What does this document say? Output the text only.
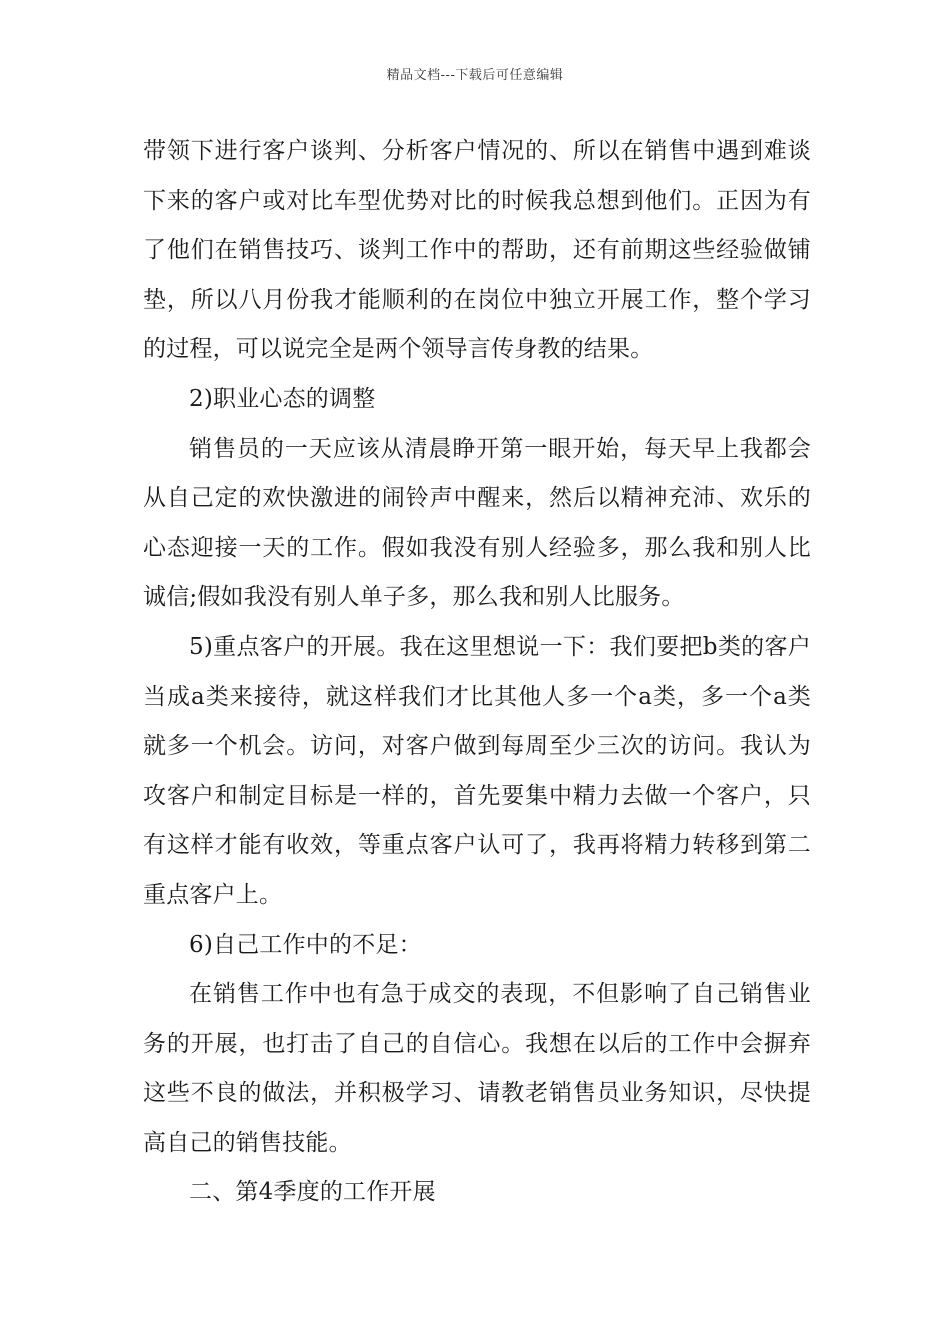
精品文档---下载后可任意编辑

带领下进行客户谈判、分析客户情况的、所以在销售中遇到难谈下来的客户或对比车型优势对比的时候我总想到他们。正因为有了他们在销售技巧、谈判工作中的帮助，还有前期这些经验做铺垫，所以八月份我才能顺利的在岗位中独立开展工作，整个学习的过程，可以说完全是两个领导言传身教的结果。

2)职业心态的调整

销售员的一天应该从清晨睁开第一眼开始，每天早上我都会从自己定的欢快激进的闹铃声中醒来，然后以精神充沛、欢乐的心态迎接一天的工作。假如我没有别人经验多，那么我和别人比诚信;假如我没有别人单子多，那么我和别人比服务。

5)重点客户的开展。我在这里想说一下：我们要把b类的客户当成a类来接待，就这样我们才比其他人多一个a类，多一个a类就多一个机会。访问，对客户做到每周至少三次的访问。我认为攻客户和制定目标是一样的，首先要集中精力去做一个客户，只有这样才能有收效，等重点客户认可了，我再将精力转移到第二重点客户上。

6)自己工作中的不足：

在销售工作中也有急于成交的表现，不但影响了自己销售业务的开展，也打击了自己的自信心。我想在以后的工作中会摒弃这些不良的做法，并积极学习、请教老销售员业务知识，尽快提高自己的销售技能。

二、第4季度的工作开展
